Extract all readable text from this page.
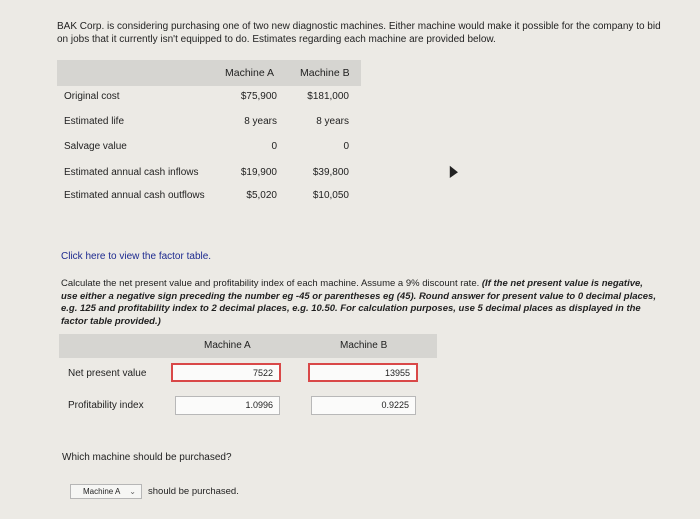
BAK Corp. is considering purchasing one of two new diagnostic machines. Either machine would make it possible for the company to bid on jobs that it currently isn't equipped to do. Estimates regarding each machine are provided below.
Machine A Machine B
Original cost	$75,900	$181,000
Estimated life	8 years	8 years
Salvage value	0	0
Estimated annual cash inflows	$19,900	$39,800
Estimated annual cash outflows	$5,020	$10,050
Click here to view the factor table.
Calculate the net present value and profitability index of each machine. Assume a 9% discount rate. (If the net present value is negative, use either a negative sign preceding the number eg -45 or parentheses eg (45). Round answer for present value to 0 decimal places, e.g. 125 and profitability index to 2 decimal places, e.g. 10.50. For calculation purposes, use 5 decimal places as displayed in the factor table provided.)
Machine A	Machine B
Net present value	7522	13955
Profitability index	1.0996	0.9225
Which machine should be purchased?
Machine A ⌄ should be purchased.
